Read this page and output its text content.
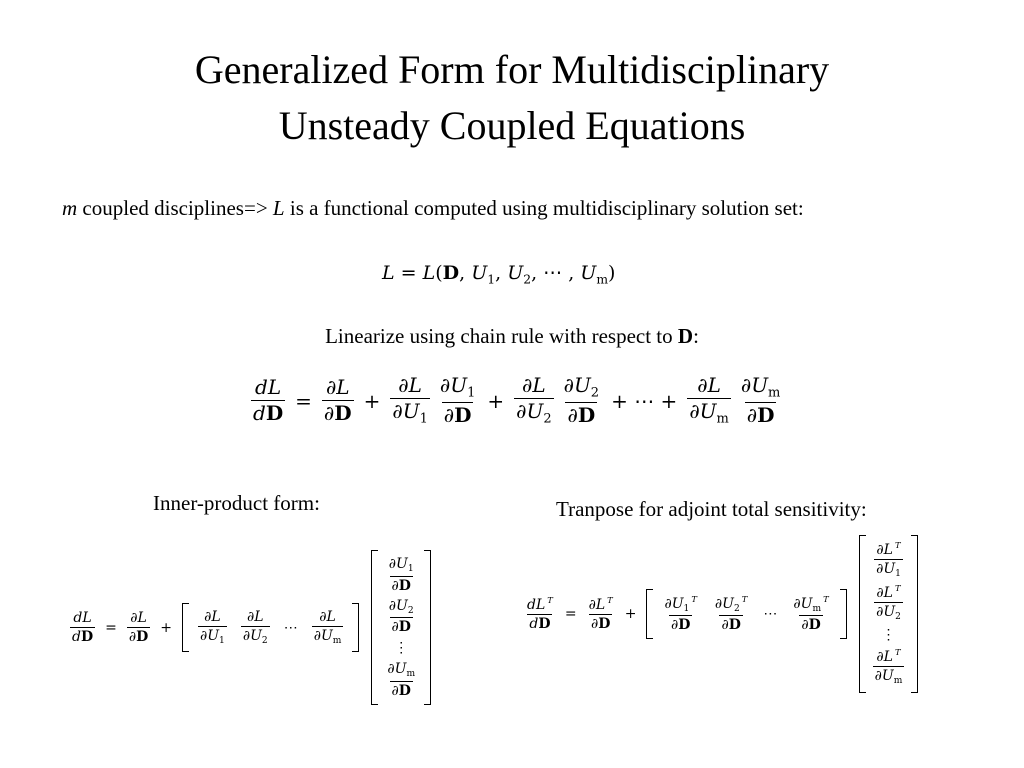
Generalized Form for Multidisciplinary
Unsteady Coupled Equations
m coupled disciplines=> L is a functional computed using multidisciplinary solution set:
L = L(D, $U_1$, $U_2$, ⋯ , $U_m$)
Linearize using chain rule with respect to D:
$\frac{dL}{dD} = \frac{\partial L}{\partial D} + \frac{\partial L}{\partial U_1} \frac{\partial U_1}{\partial D} + \frac{\partial L}{\partial U_2} \frac{\partial U_2}{\partial D}$ + ⋯ + $\frac{\partial L}{\partial U_m} \frac{\partial U_m}{\partial D}$
Inner-product form:	Tranpose for adjoint total sensitivity:
$\frac{dL}{dD} = \frac{\partial L}{\partial D} + \frac{\partial L}{\partial U_1} \frac{\partial L}{\partial U_2}$ ⋯ $\frac{\partial L}{\partial U_m}$
$\frac{\partial U_1}{\partial D}$
$\frac{\partial U_2}{\partial D}$
⋮
$\frac{\partial U_m}{\partial D}$
$\frac{dL ^T}{dD} = \frac{\partial L ^T}{\partial D} + \frac{\partial U_1^T}{\partial D} \frac{\partial U_2^T}{\partial D}$ ⋯ $\frac{\partial U_m^T}{\partial D}$
$\frac{\partial L ^T}{\partial U_1}$
$\frac{\partial L ^T}{\partial U_2}$
⋮
$\frac{\partial L ^T}{\partial U_m}$
